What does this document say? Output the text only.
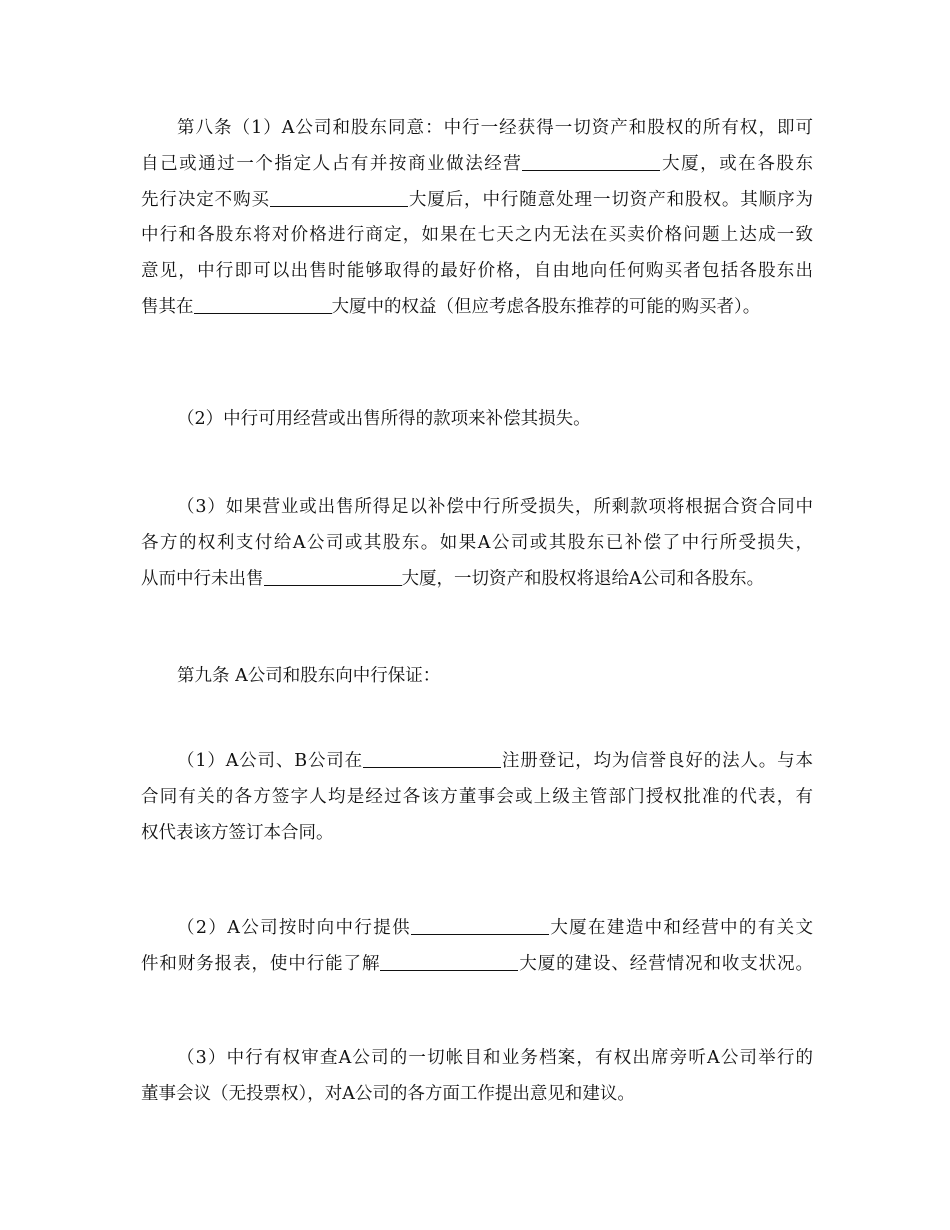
第八条（1）A公司和股东同意：中行一经获得一切资产和股权的所有权，即可
自己或通过一个指定人占有并按商业做法经营	大厦，或在各股东
先行决定不购买	大厦后，中行随意处理一切资产和股权。其顺序为
中行和各股东将对价格进行商定，如果在七天之内无法在买卖价格问题上达成一致
意见，中行即可以出售时能够取得的最好价格，自由地向任何购买者包括各股东出
售其在	大厦中的权益（但应考虑各股东推荐的可能的购买者）。
（2）中行可用经营或出售所得的款项来补偿其损失。
（3）如果营业或出售所得足以补偿中行所受损失，所剩款项将根据合资合同中
各方的权利支付给A公司或其股东。如果A公司或其股东已补偿了中行所受损失，
从而中行未出售	大厦，一切资产和股权将退给A公司和各股东。
第九条 A公司和股东向中行保证：
（1）A公司、B公司在	注册登记，均为信誉良好的法人。与本
合同有关的各方签字人均是经过各该方董事会或上级主管部门授权批准的代表，有
权代表该方签订本合同。
（2）A公司按时向中行提供	大厦在建造中和经营中的有关文
件和财务报表，使中行能了解	大厦的建设、经营情况和收支状况。
（3）中行有权审查A公司的一切帐目和业务档案，有权出席旁听A公司举行的
董事会议（无投票权），对A公司的各方面工作提出意见和建议。
